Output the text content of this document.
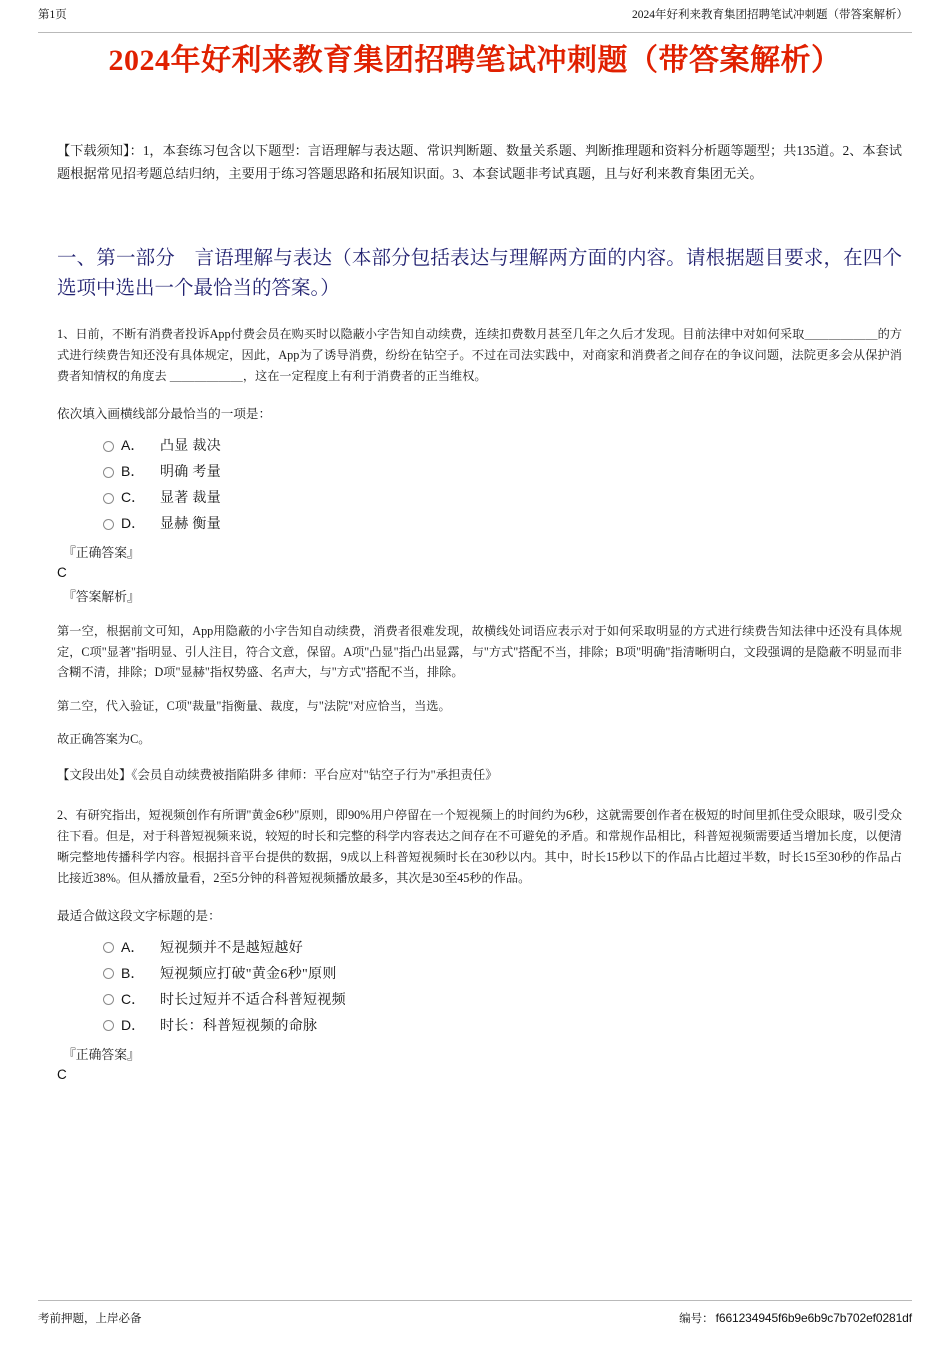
第1页	2024年好利来教育集团招聘笔试冲刺题（带答案解析）
2024年好利来教育集团招聘笔试冲刺题（带答案解析）

【下载须知】：1，本套练习包含以下题型：言语理解与表达题、常识判断题、数量关系题、判断推理题和资料分析题等题型；共135道。2、本套试题根据常见招考题总结归纳，主要用于练习答题思路和拓展知识面。3、本套试题非考试真题，且与好利来教育集团无关。

一、第一部分　言语理解与表达（本部分包括表达与理解两方面的内容。请根据题目要求，在四个选项中选出一个最恰当的答案。）

1、日前，不断有消费者投诉App付费会员在购买时以隐蔽小字告知自动续费，连续扣费数月甚至几年之久后才发现。目前法律中对如何采取＿＿＿＿＿＿的方式进行续费告知还没有具体规定，因此，App为了诱导消费，纷纷在钻空子。不过在司法实践中，对商家和消费者之间存在的争议问题，法院更多会从保护消费者知情权的角度去 ＿＿＿＿＿＿，这在一定程度上有利于消费者的正当维权。

依次填入画横线部分最恰当的一项是：

A．	凸显 裁决
B．	明确 考量
C．	显著 裁量
D．	显赫 衡量

『正确答案』

C

『答案解析』

第一空，根据前文可知，App用隐蔽的小字告知自动续费，消费者很难发现，故横线处词语应表示对于如何采取明显的方式进行续费告知法律中还没有具体规定，C项"显著"指明显、引人注目，符合文意，保留。A项"凸显"指凸出显露，与"方式"搭配不当，排除；B项"明确"指清晰明白，文段强调的是隐蔽不明显而非含糊不清，排除；D项"显赫"指权势盛、名声大，与"方式"搭配不当，排除。

第二空，代入验证，C项"裁量"指衡量、裁度，与"法院"对应恰当，当选。

故正确答案为C。

【文段出处】《会员自动续费被指陷阱多 律师：平台应对"钻空子行为"承担责任》

2、有研究指出，短视频创作有所谓"黄金6秒"原则，即90%用户停留在一个短视频上的时间约为6秒，这就需要创作者在极短的时间里抓住受众眼球，吸引受众往下看。但是，对于科普短视频来说，较短的时长和完整的科学内容表达之间存在不可避免的矛盾。和常规作品相比，科普短视频需要适当增加长度，以便清晰完整地传播科学内容。根据抖音平台提供的数据，9成以上科普短视频时长在30秒以内。其中，时长15秒以下的作品占比超过半数，时长15至30秒的作品占比接近38%。但从播放量看，2至5分钟的科普短视频播放最多，其次是30至45秒的作品。

最适合做这段文字标题的是：

A．	短视频并不是越短越好
B．	短视频应打破"黄金6秒"原则
C．	时长过短并不适合科普短视频
D．	时长：科普短视频的命脉

『正确答案』

C

考前押题，上岸必备	编号： f661234945f6b9e6b9c7b702ef0281df
